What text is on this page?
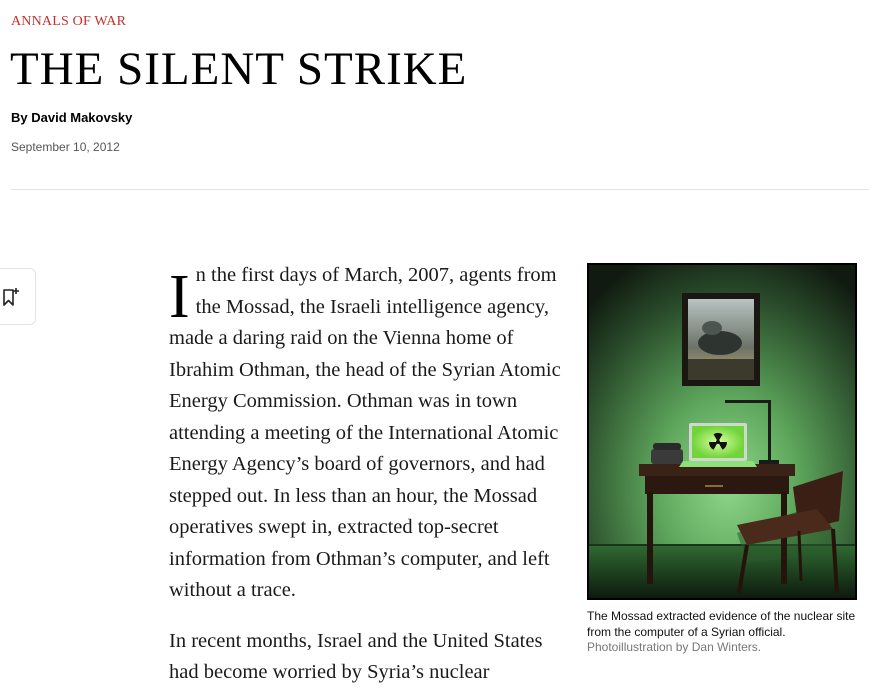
ANNALS OF WAR
THE SILENT STRIKE
By David Makovsky
September 10, 2012

In the first days of March, 2007, agents from the Mossad, the Israeli intelligence agency, made a daring raid on the Vienna home of Ibrahim Othman, the head of the Syrian Atomic Energy Commission. Othman was in town attending a meeting of the International Atomic Energy Agency’s board of governors, and had stepped out. In less than an hour, the Mossad operatives swept in, extracted top-secret information from Othman’s computer, and left without a trace.

In recent months, Israel and the United States had become worried by Syria’s nuclear

The Mossad extracted evidence of the nuclear site from the computer of a Syrian official.  Photoillustration by Dan Winters.
